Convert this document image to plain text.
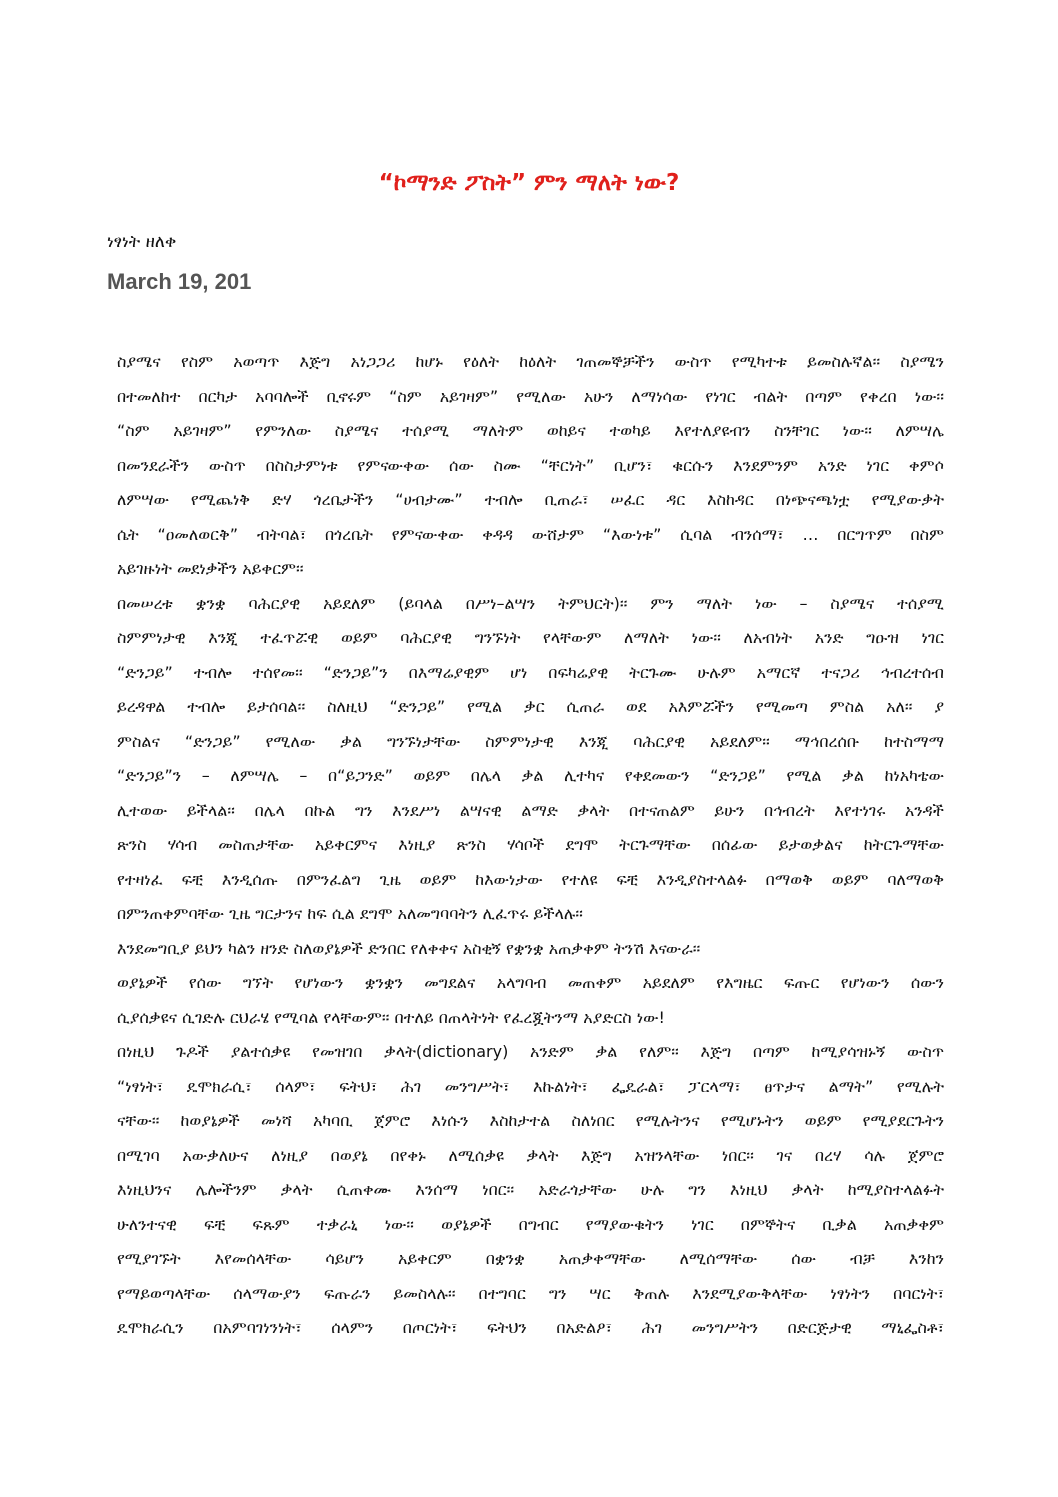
“ኮማንድ ፖስት” ምን ማለት ነው?
ነፃነት ዘለቀ
March 19, 201

ስያሜና የስም አወጣጥ እጅግ አነጋጋሪ ከሆኑ የዕለት ከዕለት ገጠመኞቻችን ውስጥ የሚካተቱ ይመስሉኛል፡፡ ስያሜን

በተመለከተ በርካታ አባባሎች ቢኖሩም “ስም አይገዛም” የሚለው አሁን ለማነሳው የነገር ብልት በጣም የቀረበ ነው፡፡

“ስም አይገዛም” የምንለው ስያሜና ተሰያሚ ማለትም ወከይና ተወካይ እየተለያዩብን ስንቸገር ነው፡፡ ለምሣሌ

በመንደራችን ውስጥ በስስታምነቱ የምናውቀው ሰው ስሙ “ቸርነት” ቢሆን፣ ቁርሱን እንደምንም አንድ ነገር ቀምሶ

ለምሣው የሚጨነቅ ድሃ ጎረቤታችን “ሀብታሙ” ተብሎ ቢጠራ፣ ሠፈር ዳር እስከዳር በነጭናጫነቷ የሚያውቃት

ሴት “ዐመለወርቅ” ብትባል፣ በጎረቤት የምናውቀው ቀዳዳ ውሸታም “እውነቱ” ሲባል ብንሰማ፣ … በርግጥም በስም

አይገዙነት መደነቃችን አይቀርም፡፡

በመሠረቱ ቋንቋ ባሕርያዊ አይደለም (ይባላል በሥነ–ልሣን ትምህርት)፡፡ ምን ማለት ነው – ስያሜና ተሰያሚ

ስምምነታዊ እንጂ ተፈጥሯዊ ወይም ባሕርያዊ ግንኙነት የላቸውም ለማለት ነው፡፡ ለአብነት አንድ ግዑዝ ነገር

“ድንጋይ” ተብሎ ተሰየመ፡፡ “ድንጋይ”ን በእማሬያዊም ሆነ በፍካሬያዊ ትርጉሙ ሁሉም አማርኛ ተናጋሪ ኅብረተሰብ

ይረዳዋል ተብሎ ይታሰባል፡፡ ስለዚህ “ድንጋይ” የሚል ቃር ሲጠራ ወደ አእምሯችን የሚመጣ ምስል አለ፡፡ ያ

ምስልና “ድንጋይ” የሚለው ቃል ግንኙነታቸው ስምምነታዊ እንጂ ባሕርያዊ አይደለም፡፡ ማኅበረሰቡ ከተስማማ

“ድንጋይ”ን – ለምሣሌ – በ“ይጋንድ” ወይም በሌላ ቃል ሊተካና የቀደመውን “ድንጋይ” የሚል ቃል ከነአካቴው

ሊተወው ይችላል፡፡ በሌላ በኩል ግን እንደሥነ ልሣናዊ ልማድ ቃላት በተናጠልም ይሁን በኅብረት እየተነገሩ አንዳች

ጽንስ ሃሳብ መስጠታቸው አይቀርምና እነዚያ ጽንስ ሃሳቦች ደግሞ ትርጉማቸው በሰፊው ይታወቃልና ከትርጉማቸው

የተዛነፈ ፍቺ እንዲሰጡ በምንፈልግ ጊዜ ወይም ከእውነታው የተለዩ ፍቺ እንዲያስተላልፉ በማወቅ ወይም ባለማወቅ

በምንጠቀምባቸው ጊዜ ግርታንና ከፍ ሲል ደግሞ አለመግባባትን ሊፈጥሩ ይችላሉ፡፡

እንደመግቢያ ይህን ካልን ዘንድ ስለወያኔዎች ድንበር የለቀቀና አስቂኝ የቋንቋ አጠቃቀም ትንሽ እናውራ፡፡

ወያኔዎች የሰው ግኘት የሆነውን ቋንቋን መግደልና አላግባብ መጠቀም አይደለም የእግዜር ፍጡር የሆነውን ሰውን

ሲያሰቃዩና ሲገድሉ ርህራሄ የሚባል የላቸውም፡፡ በተለይ በጠላትነት የፈረጇትንማ አያድርስ ነው!

በነዚህ ጉዶች ያልተሰቃዩ የመዝገበ ቃላት(dictionary) አንድም ቃል የለም፡፡ እጅግ በጣም ከሚያሳዝኑኝ ውስጥ

“ነፃነት፣ ዴሞክራሲ፣ ሰላም፣ ፍትህ፣ ሕገ መንግሥት፣ እኩልነት፣ ፌዴራል፣ ፓርላማ፣ ፀጥታና ልማት” የሚሉት

ናቸው፡፡ ከወያኔዎች መነሻ አካባቢ ጀምሮ እነሱን እስከታተል ስለነበር የሚሉትንና የሚሆኑትን ወይም የሚያደርጉትን

በሚገባ አውቃለሁና ለነዚያ በወያኔ በየቀኑ ለሚሰቃዩ ቃላት እጅግ አዝንላቸው ነበር፡፡ ገና በረሃ ሳሉ ጀምሮ

እነዚህንና ሌሎችንም ቃላት ሲጠቀሙ እንሰማ ነበር፡፡ አድራጎታቸው ሁሉ ግን እነዚህ ቃላት ከሚያስተላልፉት

ሁለንተናዊ ፍቺ ፍጹም ተቃራኒ ነው፡፡ ወያኔዎች በግብር የማያውቁትን ነገር በምኞትና ቢቃል አጠቃቀም

የሚያገኙት እየመሰላቸው ሳይሆን አይቀርም በቋንቋ አጠቃቀማቸው ለሚሰማቸው ሰው ብቻ እንከን

የማይወጣላቸው ሰላማውያን ፍጡራን ይመስላሉ፡፡ በተግባር ግን ሣር ቅጠሉ እንደሚያውቅላቸው ነፃነትን በባርነት፣

ዴሞክራሲን በአምባገነንነት፣ ሰላምን በጦርነት፣ ፍትህን በአድልዖ፣ ሕገ መንግሥትን በድርጅታዊ ማኒፌስቶ፣
